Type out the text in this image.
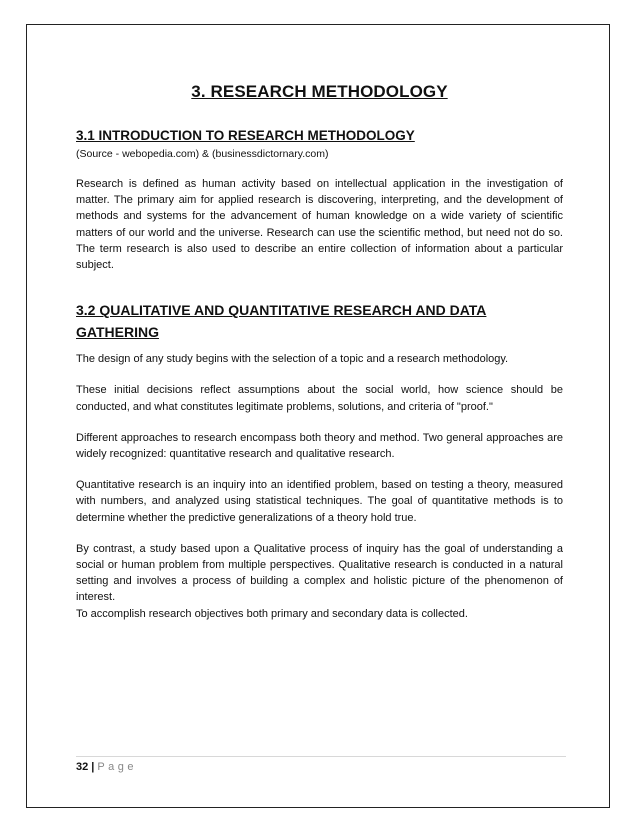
3. RESEARCH METHODOLOGY
3.1 INTRODUCTION TO RESEARCH METHODOLOGY
(Source - webopedia.com) & (businessdictornary.com)

Research is defined as human activity based on intellectual application in the investigation of matter. The primary aim for applied research is discovering, interpreting, and the development of methods and systems for the advancement of human knowledge on a wide variety of scientific matters of our world and the universe. Research can use the scientific method, but need not do so. The term research is also used to describe an entire collection of information about a particular subject.

3.2 QUALITATIVE AND QUANTITATIVE RESEARCH AND DATA GATHERING

The design of any study begins with the selection of a topic and a research methodology.

These initial decisions reflect assumptions about the social world, how science should be conducted, and what constitutes legitimate problems, solutions, and criteria of "proof."

Different approaches to research encompass both theory and method. Two general approaches are widely recognized: quantitative research and qualitative research.

Quantitative research is an inquiry into an identified problem, based on testing a theory, measured with numbers, and analyzed using statistical techniques. The goal of quantitative methods is to determine whether the predictive generalizations of a theory hold true.

By contrast, a study based upon a Qualitative process of inquiry has the goal of understanding a social or human problem from multiple perspectives. Qualitative research is conducted in a natural setting and involves a process of building a complex and holistic picture of the phenomenon of interest.

To accomplish research objectives both primary and secondary data is collected.

32 | Page
